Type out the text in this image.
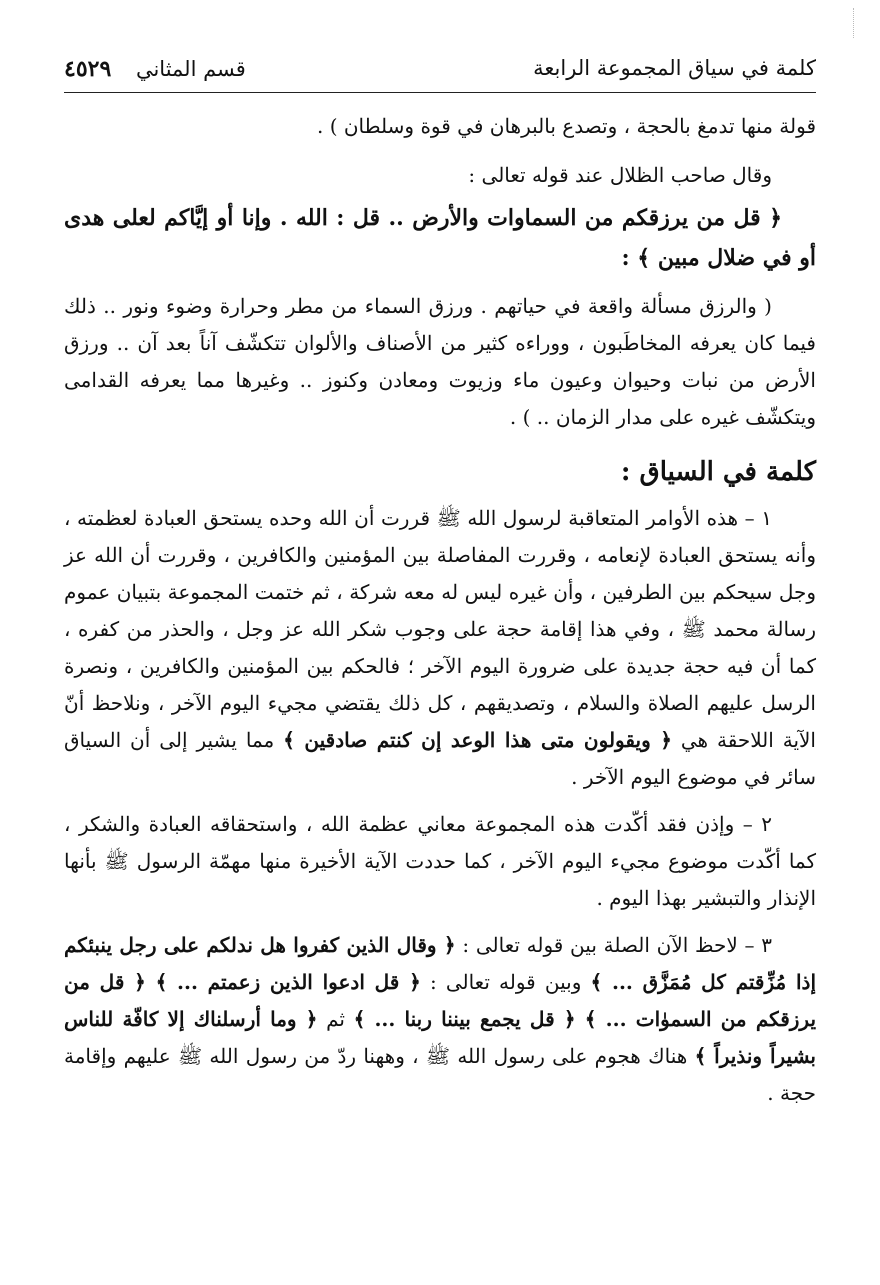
كلمة في سياق المجموعة الرابعة
قسم المثاني ٤٥٢٩

قولة منها تدمغ بالحجة ، وتصدع بالبرهان في قوة وسلطان ) .

وقال صاحب الظلال عند قوله تعالى :

﴿ قل من يرزقكم من السماوات والأرض .. قل : الله . وإنا أو إيَّاكم لعلى هدى أو في ضلال مبين ﴾ :

( والرزق مسألة واقعة في حياتهم . ورزق السماء من مطر وحرارة وضوء ونور .. ذلك فيما كان يعرفه المخاطَبون ، ووراءه كثير من الأصناف والألوان تتكشّف آناً بعد آن .. ورزق الأرض من نبات وحيوان وعيون ماء وزيوت ومعادن وكنوز .. وغيرها مما يعرفه القدامى ويتكشّف غيره على مدار الزمان .. ) .

كلمة في السياق :

١ – هذه الأوامر المتعاقبة لرسول الله ﷺ قررت أن الله وحده يستحق العبادة لعظمته ، وأنه يستحق العبادة لإنعامه ، وقررت المفاصلة بين المؤمنين والكافرين ، وقررت أن الله عز وجل سيحكم بين الطرفين ، وأن غيره ليس له معه شركة ، ثم ختمت المجموعة بتبيان عموم رسالة محمد ﷺ ، وفي هذا إقامة حجة على وجوب شكر الله عز وجل ، والحذر من كفره ، كما أن فيه حجة جديدة على ضرورة اليوم الآخر ؛ فالحكم بين المؤمنين والكافرين ، ونصرة الرسل عليهم الصلاة والسلام ، وتصديقهم ، كل ذلك يقتضي مجيء اليوم الآخر ، ونلاحظ أنّ الآية اللاحقة هي ﴿ ويقولون متى هذا الوعد إن كنتم صادقين ﴾ مما يشير إلى أن السياق سائر في موضوع اليوم الآخر .

٢ – وإذن فقد أكّدت هذه المجموعة معاني عظمة الله ، واستحقاقه العبادة والشكر ، كما أكّدت موضوع مجيء اليوم الآخر ، كما حددت الآية الأخيرة منها مهمّة الرسول ﷺ بأنها الإنذار والتبشير بهذا اليوم .

٣ – لاحظ الآن الصلة بين قوله تعالى : ﴿ وقال الذين كفروا هل ندلكم على رجل ينبئكم إذا مُزِّقتم كل مُمَزَّق ... ﴾ وبين قوله تعالى : ﴿ قل ادعوا الذين زعمتم ... ﴾ ﴿ قل من يرزقكم من السموٰات ... ﴾ ﴿ قل يجمع بيننا ربنا ... ﴾ ثم ﴿ وما أرسلناك إلا كافّة للناس بشيراً ونذيراً ﴾ هناك هجوم على رسول الله ﷺ ، وههنا ردّ من رسول الله ﷺ عليهم وإقامة حجة .
